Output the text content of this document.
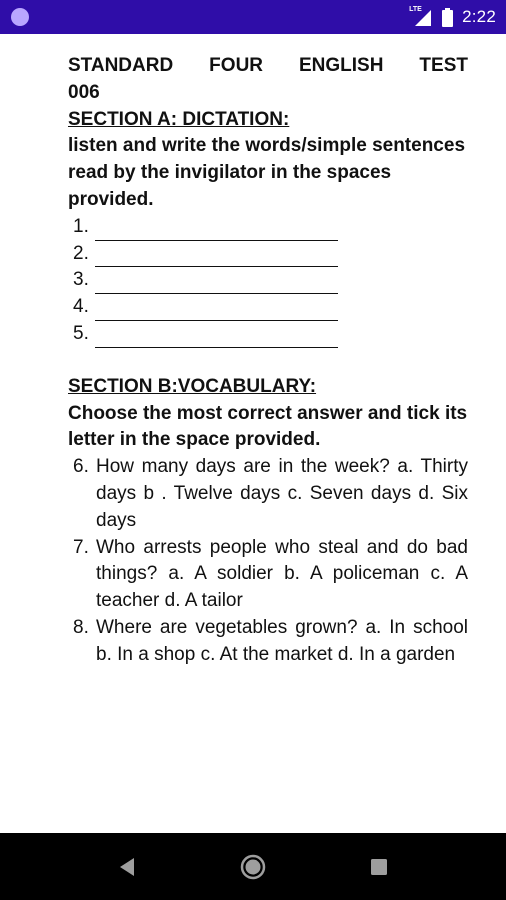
LTE 2:22

STANDARD FOUR ENGLISH TEST 006

SECTION A: DICTATION:

listen and write the words/simple sentences read by the invigilator in the spaces provided.

1.
2.
3.
4.
5.

SECTION B:VOCABULARY:

Choose the most correct answer and tick its letter in the space provided.

6. How many days are in the week? a. Thirty days b . Twelve days c. Seven days d. Six days
7. Who arrests people who steal and do bad things? a. A soldier b. A policeman c. A teacher d. A tailor
8. Where are vegetables grown? a. In school b. In a shop c. At the market d. In a garden
